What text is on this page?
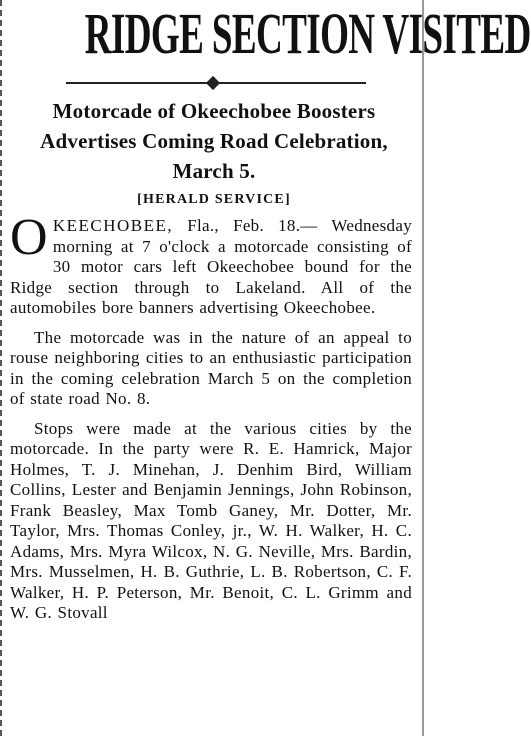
RIDGE SECTION VISITED
Motorcade of Okeechobee Boosters Advertises Coming Road Celebration, March 5.
[HERALD SERVICE]

OKEECHOBEE, Fla., Feb. 18.— Wednesday morning at 7 o'clock a motorcade consisting of 30 motor cars left Okeechobee bound for the Ridge section through to Lakeland. All of the automobiles bore banners advertising Okeechobee.

The motorcade was in the nature of an appeal to rouse neighboring cities to an enthusiastic participation in the coming celebration March 5 on the completion of state road No. 8.

Stops were made at the various cities by the motorcade. In the party were R. E. Hamrick, Major Holmes, T. J. Minehan, J. Denhim Bird, William Collins, Lester and Benjamin Jennings, John Robinson, Frank Beasley, Max Tomb Ganey, Mr. Dotter, Mr. Taylor, Mrs. Thomas Conley, jr., W. H. Walker, H. C. Adams, Mrs. Myra Wilcox, N. G. Neville, Mrs. Bardin, Mrs. Musselmen, H. B. Guthrie, L. B. Robertson, C. F. Walker, H. P. Peterson, Mr. Benoit, C. L. Grimm and W. G. Stovall
